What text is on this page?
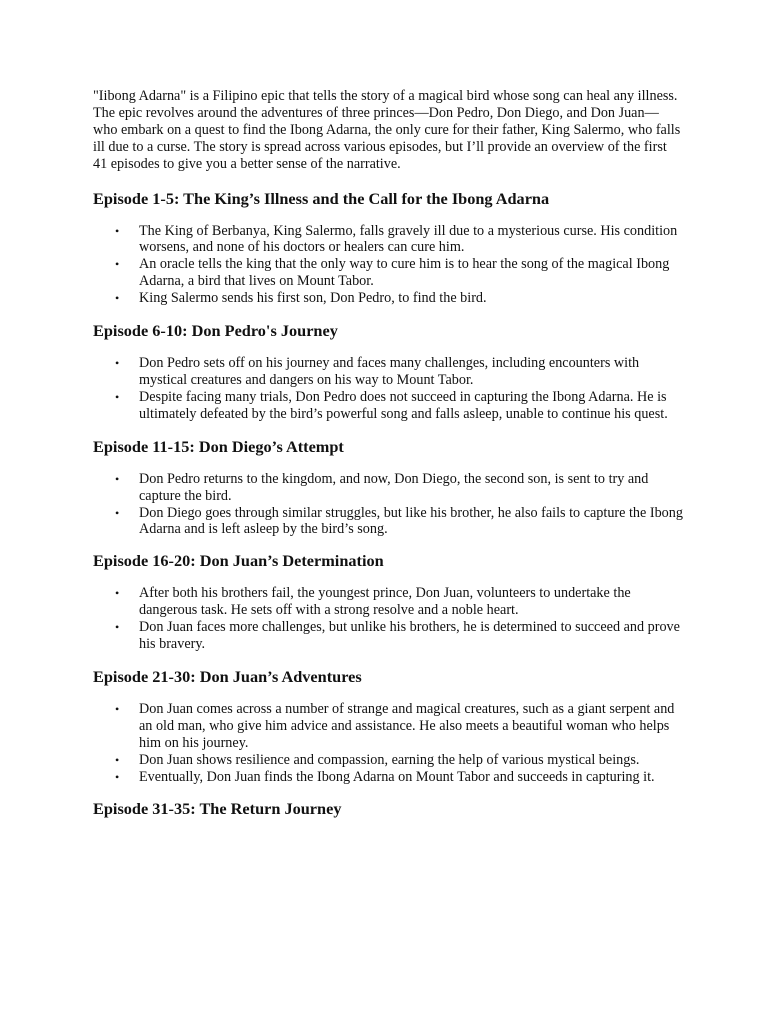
"Iibong Adarna" is a Filipino epic that tells the story of a magical bird whose song can heal any illness. The epic revolves around the adventures of three princes—Don Pedro, Don Diego, and Don Juan—who embark on a quest to find the Ibong Adarna, the only cure for their father, King Salermo, who falls ill due to a curse. The story is spread across various episodes, but I’ll provide an overview of the first 41 episodes to give you a better sense of the narrative.

Episode 1-5: The King’s Illness and the Call for the Ibong Adarna
• The King of Berbanya, King Salermo, falls gravely ill due to a mysterious curse. His condition worsens, and none of his doctors or healers can cure him.
• An oracle tells the king that the only way to cure him is to hear the song of the magical Ibong Adarna, a bird that lives on Mount Tabor.
• King Salermo sends his first son, Don Pedro, to find the bird.
Episode 6-10: Don Pedro's Journey
• Don Pedro sets off on his journey and faces many challenges, including encounters with mystical creatures and dangers on his way to Mount Tabor.
• Despite facing many trials, Don Pedro does not succeed in capturing the Ibong Adarna. He is ultimately defeated by the bird’s powerful song and falls asleep, unable to continue his quest.
Episode 11-15: Don Diego’s Attempt
• Don Pedro returns to the kingdom, and now, Don Diego, the second son, is sent to try and capture the bird.
• Don Diego goes through similar struggles, but like his brother, he also fails to capture the Ibong Adarna and is left asleep by the bird’s song.
Episode 16-20: Don Juan’s Determination
• After both his brothers fail, the youngest prince, Don Juan, volunteers to undertake the dangerous task. He sets off with a strong resolve and a noble heart.
• Don Juan faces more challenges, but unlike his brothers, he is determined to succeed and prove his bravery.
Episode 21-30: Don Juan’s Adventures
• Don Juan comes across a number of strange and magical creatures, such as a giant serpent and an old man, who give him advice and assistance. He also meets a beautiful woman who helps him on his journey.
• Don Juan shows resilience and compassion, earning the help of various mystical beings.
• Eventually, Don Juan finds the Ibong Adarna on Mount Tabor and succeeds in capturing it.
Episode 31-35: The Return Journey
